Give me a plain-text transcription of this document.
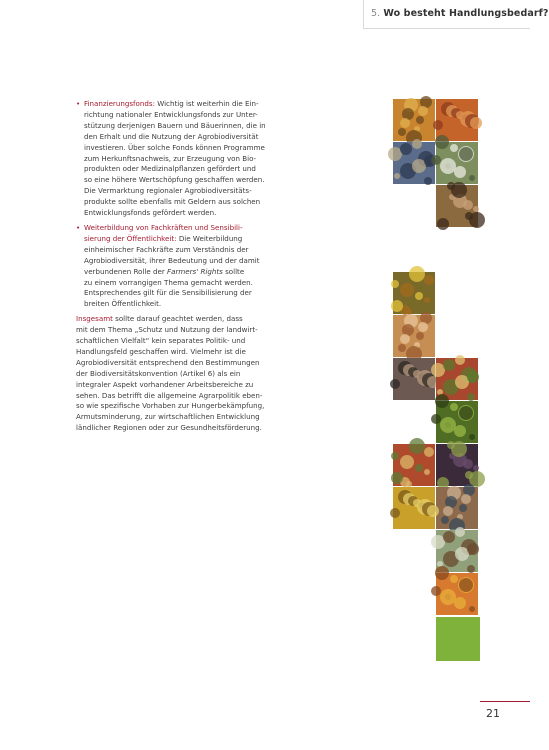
5. Wo besteht Handlungsbedarf?
• Finanzierungsfonds: Wichtig ist weiterhin die Ein-
richtung nationaler Entwicklungsfonds zur Unter-
stützung derjenigen Bauern und Bäuerinnen, die in
den Erhalt und die Nutzung der Agrobiodiversität
investieren. Über solche Fonds können Programme
zum Herkunftsnachweis, zur Erzeugung von Bio-
produkten oder Medizinalpflanzen gefördert und
so eine höhere Wertschöpfung geschaffen werden.
Die Vermarktung regionaler Agrobiodiversitäts-
produkte sollte ebenfalls mit Geldern aus solchen
Entwicklungsfonds gefördert werden.
• Weiterbildung von Fachkräften und Sensibili-
sierung der Öffentlichkeit: Die Weiterbildung
einheimischer Fachkräfte zum Verständnis der
Agrobiodiversität, ihrer Bedeutung und der damit
verbundenen Rolle der Farmers' Rights sollte
zu einem vorrangigen Thema gemacht werden.
Entsprechendes gilt für die Sensibilisierung der
breiten Öffentlichkeit.
Insgesamt sollte darauf geachtet werden, dass
mit dem Thema „Schutz und Nutzung der landwirt-
schaftlichen Vielfalt“ kein separates Politik- und
Handlungsfeld geschaffen wird. Vielmehr ist die
Agrobiodiversität entsprechend den Bestimmungen
der Biodiversitätskonvention (Artikel 6) als ein
integraler Aspekt vorhandener Arbeitsbereiche zu
sehen. Das betrifft die allgemeine Agrarpolitik eben-
so wie spezifische Vorhaben zur Hungerbekämpfung,
Armutsminderung, zur wirtschaftlichen Entwicklung
ländlicher Regionen oder zur Gesundheitsförderung.
21
